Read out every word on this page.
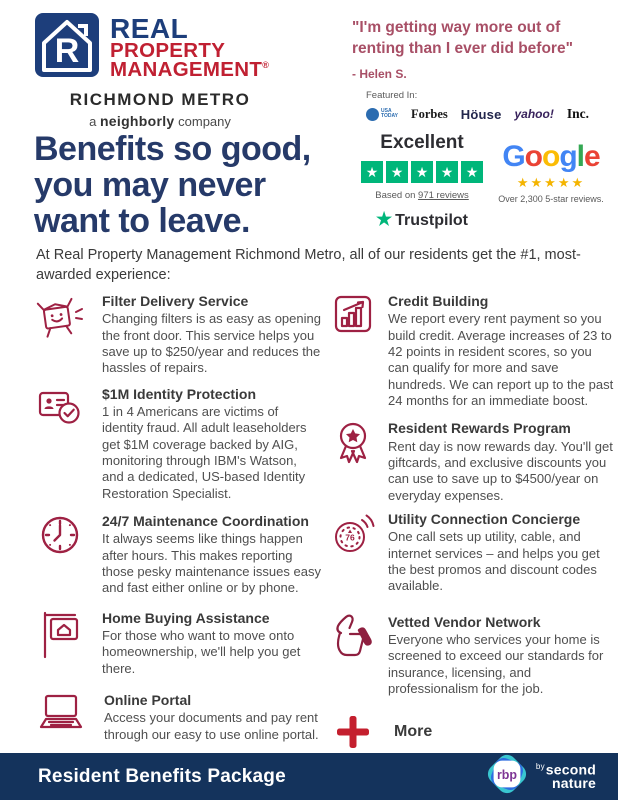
R
REAL
PROPERTY
MANAGEMENT®
RICHMOND METRO
a neighborly company
"I'm getting way more out of renting than I ever did before"
- Helen S.
Featured In:
USA
TODAY Forbes Höuse yahoo! Inc.
Benefits so good, you may never want to leave.
Excellent
★ ★ ★ ★ ★
Based on 971 reviews
★ Trustpilot
Google
★★★★★
Over 2,300 5-star reviews.

At Real Property Management Richmond Metro, all of our residents get the #1, most-awarded experience:

Filter Delivery Service
Changing filters is as easy as opening the front door. This service helps you save up to $250/year and reduces the hassles of repairs.
$1M Identity Protection
1 in 4 Americans are victims of identity fraud. All adult leaseholders get $1M coverage backed by AIG, monitoring through IBM's Watson, and a dedicated, US-based Identity Restoration Specialist.
24/7 Maintenance Coordination
It always seems like things happen after hours. This makes reporting those pesky maintenance issues easy and fast either online or by phone.
Home Buying Assistance
For those who want to move onto homeownership, we'll help you get there.
Online Portal
Access your documents and pay rent through our easy to use online portal.
Credit Building
We report every rent payment so you build credit. Average increases of 23 to 42 points in resident scores, so you can qualify for more and save hundreds. We can report up to the past 24 months for an immediate boost.
Resident Rewards Program
Rent day is now rewards day. You'll get giftcards, and exclusive discounts you can use to save up to $4500/year on everyday expenses.
76
Utility Connection Concierge
One call sets up utility, cable, and internet services – and helps you get the best promos and discount codes available.
Vetted Vendor Network
Everyone who services your home is screened to exceed our standards for insurance, licensing, and professionalism for the job.
More
Resident Benefits Package	rbp
$^{by}$second
nature
